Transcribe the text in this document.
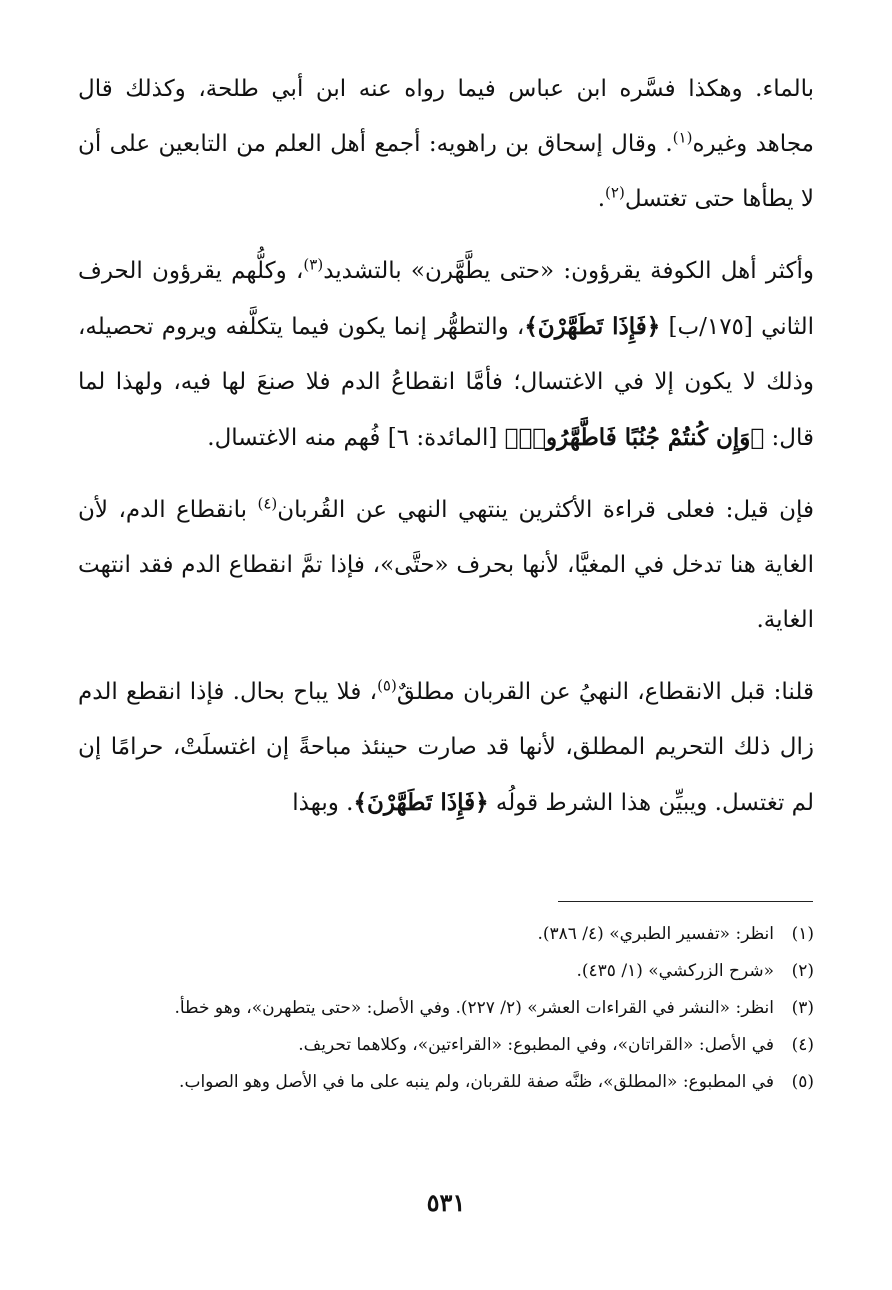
بالماء. وهكذا فسَّره ابن عباس فيما رواه عنه ابن أبي طلحة، وكذلك قال مجاهد وغيره$^{(١)}$. وقال إسحاق بن راهويه: أجمع أهل العلم من التابعين على أن لا يطأها حتى تغتسل$^{(٢)}$.

وأكثر أهل الكوفة يقرؤون: «حتى يطَّهَّرن» بالتشديد$^{(٣)}$، وكلُّهم يقرؤون الحرف الثاني [١٧٥/ب] ﴿فَإِذَا تَطَهَّرْنَ﴾، والتطهُّر إنما يكون فيما يتكلَّفه ويروم تحصيله، وذلك لا يكون إلا في الاغتسال؛ فأمَّا انقطاعُ الدم فلا صنعَ لها فيه، ولهذا لما قال: ﴿وَإِن كُنتُمْ جُنُبًا فَاطَّهَّرُوا۟﴾ [المائدة: ٦] فُهم منه الاغتسال.

فإن قيل: فعلى قراءة الأكثرين ينتهي النهي عن القُربان$^{(٤)}$ بانقطاع الدم، لأن الغاية هنا تدخل في المغيَّا، لأنها بحرف «حتَّى»، فإذا تمَّ انقطاع الدم فقد انتهت الغاية.

قلنا: قبل الانقطاع، النهيُ عن القربان مطلقٌ$^{(٥)}$، فلا يباح بحال. فإذا انقطع الدم زال ذلك التحريم المطلق، لأنها قد صارت حينئذ مباحةً إن اغتسلَتْ، حرامًا إن لم تغتسل. ويبيِّن هذا الشرط قولُه ﴿فَإِذَا تَطَهَّرْنَ﴾. وبهذا

(١)
انظر: «تفسير الطبري» (٤/ ٣٨٦).
(٢)
«شرح الزركشي» (١/ ٤٣٥).
(٣)
انظر: «النشر في القراءات العشر» (٢/ ٢٢٧). وفي الأصل: «حتى يتطهرن»، وهو خطأ.
(٤)
في الأصل: «القراتان»، وفي المطبوع: «القراءتين»، وكلاهما تحريف.
(٥)
في المطبوع: «المطلق»، ظنَّه صفة للقربان، ولم ينبه على ما في الأصل وهو الصواب.
٥٣١
